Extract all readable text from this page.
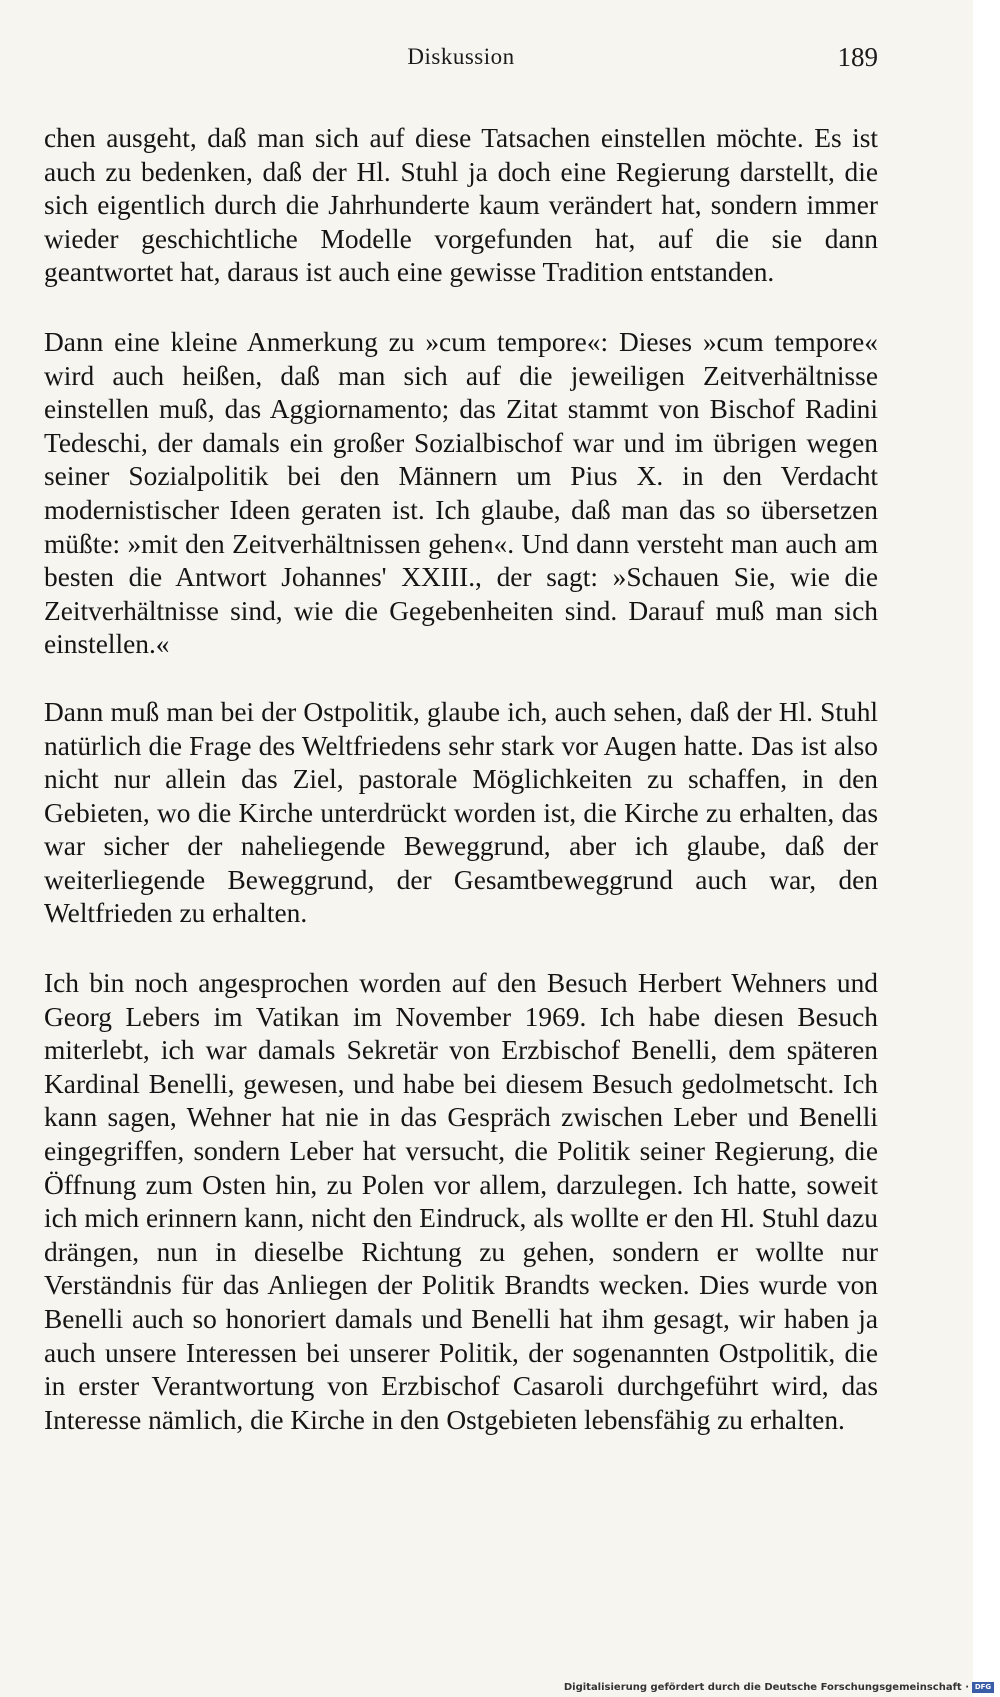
Diskussion	189

chen ausgeht, daß man sich auf diese Tatsachen einstellen möchte. Es ist auch zu bedenken, daß der Hl. Stuhl ja doch eine Regierung darstellt, die sich eigentlich durch die Jahrhunderte kaum verändert hat, sondern immer wieder geschichtliche Modelle vorgefunden hat, auf die sie dann geantwortet hat, daraus ist auch eine gewisse Tradition entstanden.

Dann eine kleine Anmerkung zu »cum tempore«: Dieses »cum tempore« wird auch heißen, daß man sich auf die jeweiligen Zeitverhältnisse einstellen muß, das Aggiornamento; das Zitat stammt von Bischof Radini Tedeschi, der damals ein großer Sozialbischof war und im übrigen wegen seiner Sozialpolitik bei den Männern um Pius X. in den Verdacht modernistischer Ideen geraten ist. Ich glaube, daß man das so übersetzen müßte: »mit den Zeitverhältnissen gehen«. Und dann versteht man auch am besten die Antwort Johannes' XXIII., der sagt: »Schauen Sie, wie die Zeitverhältnisse sind, wie die Gegebenheiten sind. Darauf muß man sich einstellen.«

Dann muß man bei der Ostpolitik, glaube ich, auch sehen, daß der Hl. Stuhl natürlich die Frage des Weltfriedens sehr stark vor Augen hatte. Das ist also nicht nur allein das Ziel, pastorale Möglichkeiten zu schaffen, in den Gebieten, wo die Kirche unterdrückt worden ist, die Kirche zu erhalten, das war sicher der naheliegende Beweggrund, aber ich glaube, daß der weiterliegende Beweggrund, der Gesamtbeweggrund auch war, den Weltfrieden zu erhalten.

Ich bin noch angesprochen worden auf den Besuch Herbert Wehners und Georg Lebers im Vatikan im November 1969. Ich habe diesen Besuch miterlebt, ich war damals Sekretär von Erzbischof Benelli, dem späteren Kardinal Benelli, gewesen, und habe bei diesem Besuch gedolmetscht. Ich kann sagen, Wehner hat nie in das Gespräch zwischen Leber und Benelli eingegriffen, sondern Leber hat versucht, die Politik seiner Regierung, die Öffnung zum Osten hin, zu Polen vor allem, darzulegen. Ich hatte, soweit ich mich erinnern kann, nicht den Eindruck, als wollte er den Hl. Stuhl dazu drängen, nun in dieselbe Richtung zu gehen, sondern er wollte nur Verständnis für das Anliegen der Politik Brandts wecken. Dies wurde von Benelli auch so honoriert damals und Benelli hat ihm gesagt, wir haben ja auch unsere Interessen bei unserer Politik, der sogenannten Ostpolitik, die in erster Verantwortung von Erzbischof Casaroli durchgeführt wird, das Interesse nämlich, die Kirche in den Ostgebieten lebensfähig zu erhalten.

Digitalisierung gefördert durch die Deutsche Forschungsgemeinschaft · DFG
